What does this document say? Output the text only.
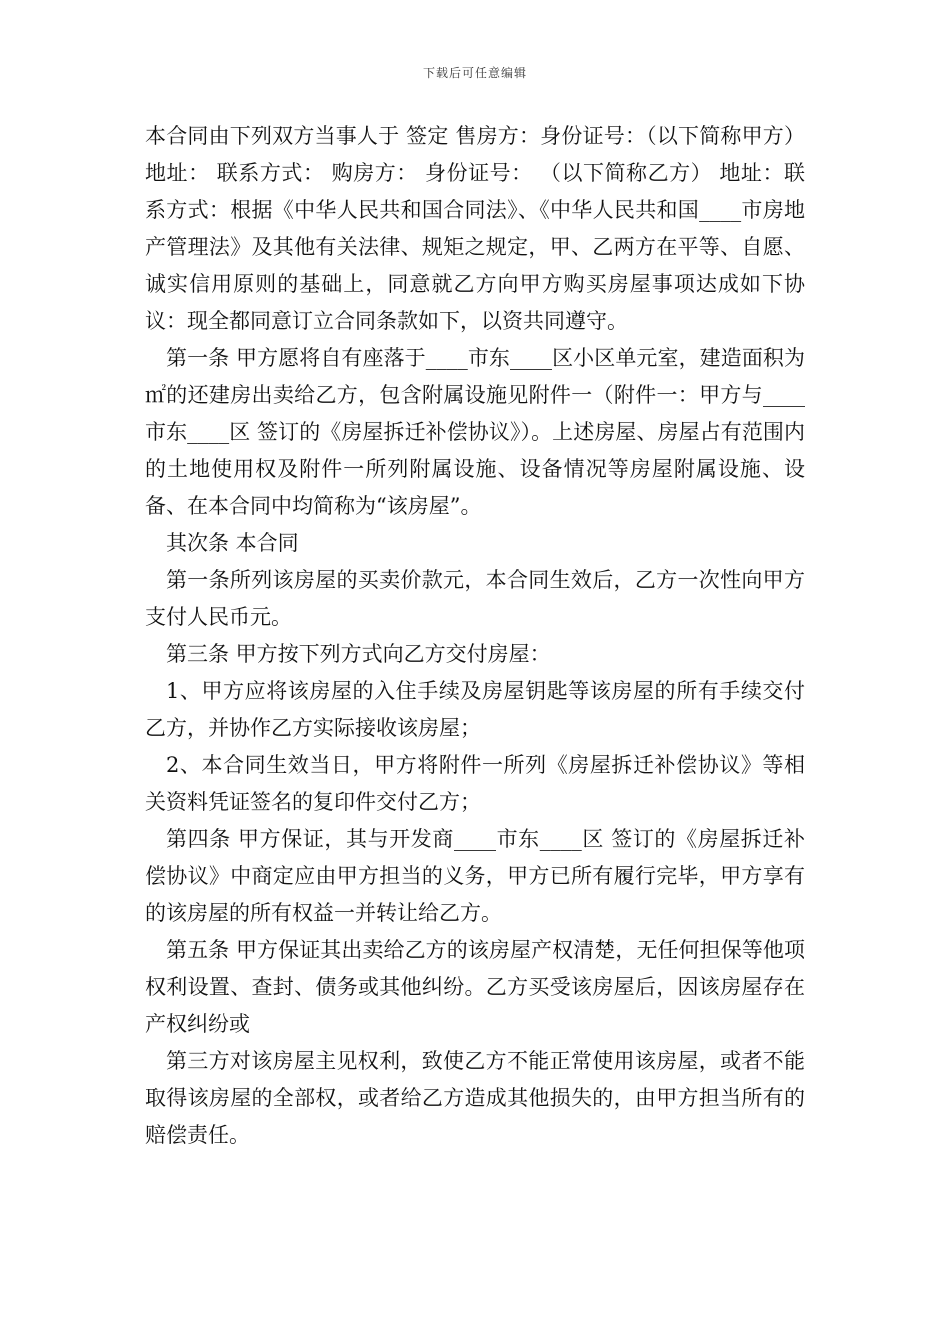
下载后可任意编辑

本合同由下列双方当事人于 签定 售房方：身份证号：（以下简称甲方） 地址： 联系方式： 购房方： 身份证号： （以下简称乙方） 地址：联系方式：根据《中华人民共和国合同法》、《中华人民共和国____市房地产管理法》及其他有关法律、规矩之规定，甲、乙两方在平等、自愿、诚实信用原则的基础上，同意就乙方向甲方购买房屋事项达成如下协议：现全都同意订立合同条款如下，以资共同遵守。

第一条 甲方愿将自有座落于____市东____区小区单元室，建造面积为 ㎡的还建房出卖给乙方，包含附属设施见附件一（附件一：甲方与____市东____区 签订的《房屋拆迁补偿协议》）。上述房屋、房屋占有范围内的土地使用权及附件一所列附属设施、设备情况等房屋附属设施、设备、在本合同中均简称为“该房屋”。

其次条 本合同

第一条所列该房屋的买卖价款元，本合同生效后，乙方一次性向甲方支付人民币元。

第三条 甲方按下列方式向乙方交付房屋：

1、甲方应将该房屋的入住手续及房屋钥匙等该房屋的所有手续交付乙方，并协作乙方实际接收该房屋；

2、本合同生效当日，甲方将附件一所列《房屋拆迁补偿协议》等相关资料凭证签名的复印件交付乙方；

第四条 甲方保证，其与开发商____市东____区 签订的《房屋拆迁补偿协议》中商定应由甲方担当的义务，甲方已所有履行完毕，甲方享有的该房屋的所有权益一并转让给乙方。

第五条 甲方保证其出卖给乙方的该房屋产权清楚，无任何担保等他项权利设置、查封、债务或其他纠纷。乙方买受该房屋后，因该房屋存在产权纠纷或

第三方对该房屋主见权利，致使乙方不能正常使用该房屋，或者不能取得该房屋的全部权，或者给乙方造成其他损失的，由甲方担当所有的赔偿责任。
